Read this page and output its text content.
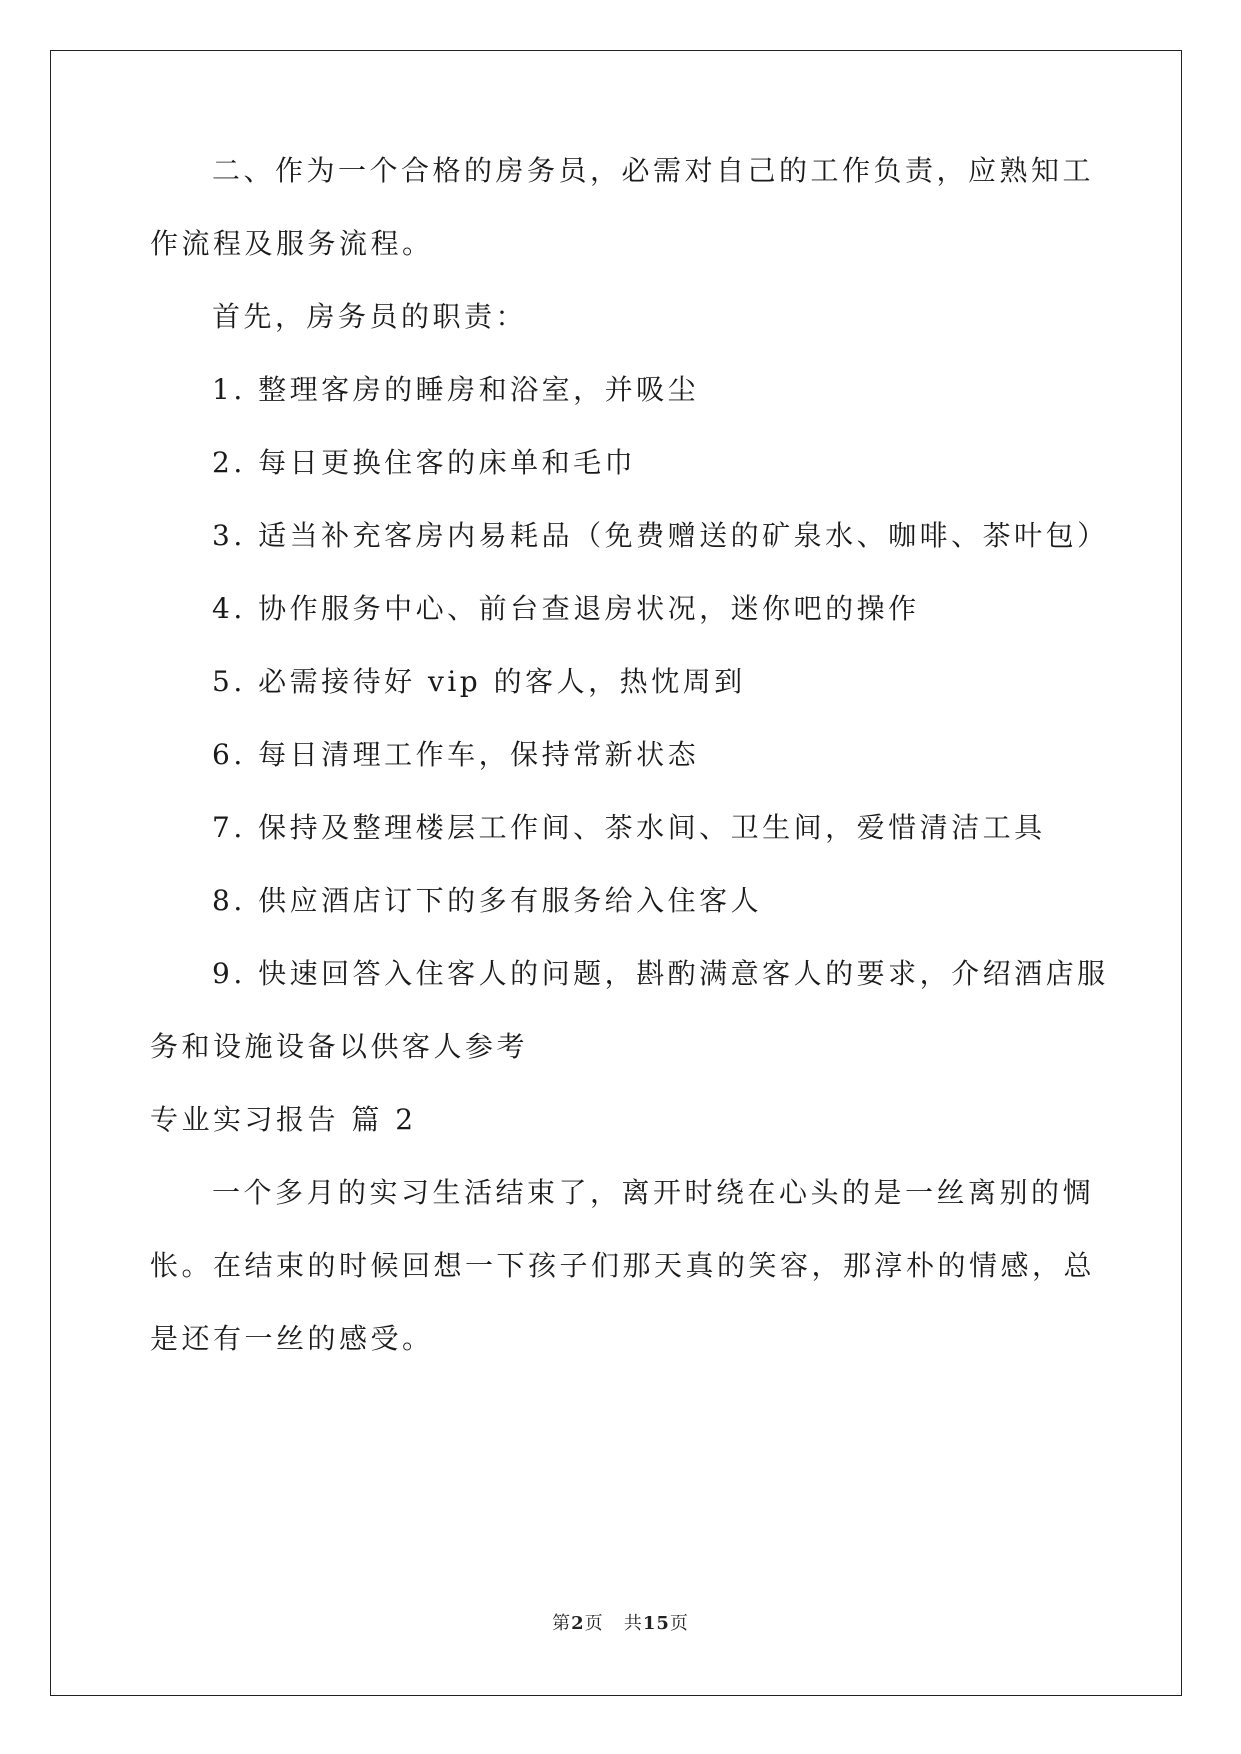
二、作为一个合格的房务员，必需对自己的工作负责，应熟知工
作流程及服务流程。
首先，房务员的职责：
1. 整理客房的睡房和浴室，并吸尘
2. 每日更换住客的床单和毛巾
3. 适当补充客房内易耗品（免费赠送的矿泉水、咖啡、茶叶包）
4. 协作服务中心、前台查退房状况，迷你吧的操作
5. 必需接待好 vip 的客人，热忱周到
6. 每日清理工作车，保持常新状态
7. 保持及整理楼层工作间、茶水间、卫生间，爱惜清洁工具
8. 供应酒店订下的多有服务给入住客人
9. 快速回答入住客人的问题，斟酌满意客人的要求，介绍酒店服
务和设施设备以供客人参考
专业实习报告 篇 2
一个多月的实习生活结束了，离开时绕在心头的是一丝离别的惆
怅。在结束的时候回想一下孩子们那天真的笑容，那淳朴的情感，总
是还有一丝的感受。
第2页 共15页
